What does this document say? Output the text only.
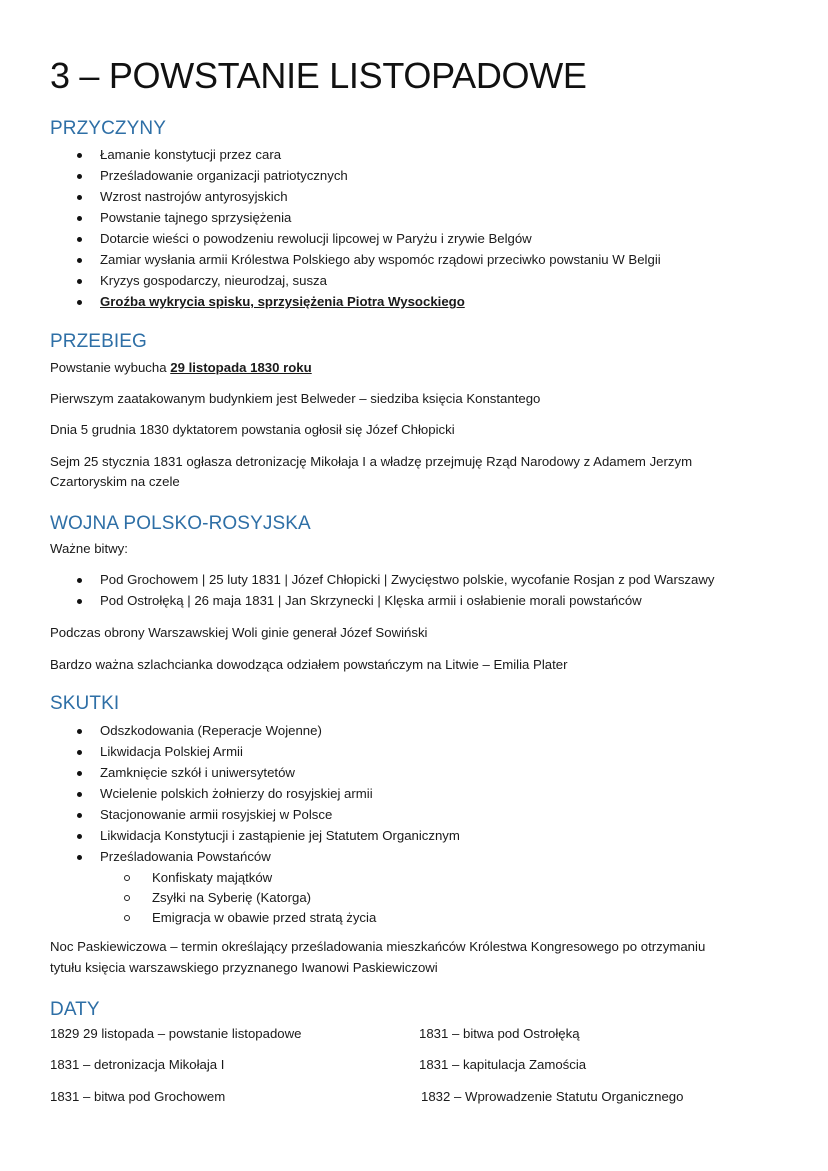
3 – POWSTANIE LISTOPADOWE
PRZYCZYNY
Łamanie konstytucji przez cara
Prześladowanie organizacji patriotycznych
Wzrost nastrojów antyrosyjskich
Powstanie tajnego sprzysiężenia
Dotarcie wieści o powodzeniu rewolucji lipcowej w Paryżu i zrywie Belgów
Zamiar wysłania armii Królestwa Polskiego aby wspomóc rządowi przeciwko powstaniu W Belgii
Kryzys gospodarczy, nieurodzaj, susza
Groźba wykrycia spisku, sprzysiężenia Piotra Wysockiego
PRZEBIEG

Powstanie wybucha 29 listopada 1830 roku

Pierwszym zaatakowanym budynkiem jest Belweder – siedziba księcia Konstantego

Dnia 5 grudnia 1830 dyktatorem powstania ogłosił się Józef Chłopicki

Sejm 25 stycznia 1831 ogłasza detronizację Mikołaja I a władzę przejmuję Rząd Narodowy z Adamem Jerzym

Czartoryskim na czele

WOJNA POLSKO-ROSYJSKA

Ważne bitwy:

Pod Grochowem | 25 luty 1831 | Józef Chłopicki | Zwycięstwo polskie, wycofanie Rosjan z pod Warszawy
Pod Ostrołęką | 26 maja 1831 | Jan Skrzynecki | Klęska armii i osłabienie morali powstańców

Podczas obrony Warszawskiej Woli ginie generał Józef Sowiński

Bardzo ważna szlachcianka dowodząca odziałem powstańczym na Litwie – Emilia Plater

SKUTKI
Odszkodowania (Reperacje Wojenne)
Likwidacja Polskiej Armii
Zamknięcie szkół i uniwersytetów
Wcielenie polskich żołnierzy do rosyjskiej armii
Stacjonowanie armii rosyjskiej w Polsce
Likwidacja Konstytucji i zastąpienie jej Statutem Organicznym
Prześladowania Powstańców
Konfiskaty majątków
Zsyłki na Syberię (Katorga)
Emigracja w obawie przed stratą życia

Noc Paskiewiczowa – termin określający prześladowania mieszkańców Królestwa Kongresowego po otrzymaniu

tytułu księcia warszawskiego przyznanego Iwanowi Paskiewiczowi

DATY

1829 29 listopada – powstanie listopadowe

1831 – detronizacja Mikołaja I

1831 – bitwa pod Grochowem

1831 – bitwa pod Ostrołęką

1831 – kapitulacja Zamościa

1832 – Wprowadzenie Statutu Organicznego
